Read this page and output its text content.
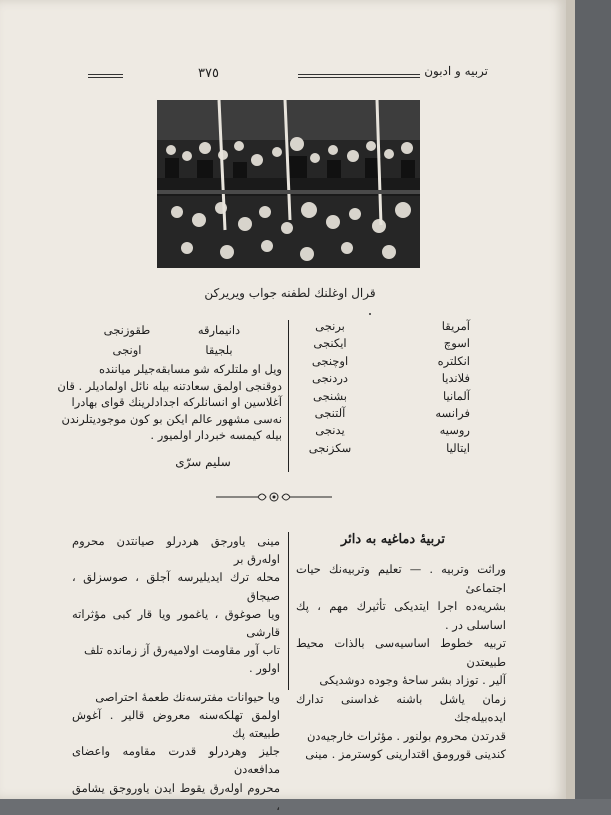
٣٧٥	تربیه و ادبون
قرال اوغلنك لطفنه جواب ویریرکن
آمریقا
برنجی
اسوچ
ایکنجی
انکلتره
اوچنجی
فلاندیا
دردنجی
آلمانیا
بشنجی
فرانسه
آلتنجی
روسیه
یدنجی
ایتالیا
سکزنجی
دانیمارقه
طقوزنجی
بلجیقا
اونجی
ویل او ملتلرکه شو مسابقه‌جیلر میاننده
دوقنجی اولمق سعادتنه بیله نائل اولمادیلر . قان
آغلاسین او انسانلرکه اجدادلرینك قوای بهادرا
نه‌سی مشهور عالم ایکن بو کون موجودیتلرندن
بیله کیمسه خبردار اولمیور .
سلیم سرّی
تربیۀ دماغیه به دائر
وراثت وتربیه . — تعلیم وتربیه‌نك حیات اجتماعیٔ
بشریه‌ده اجرا ایتدیکی تأثیرك مهم ، پك اساسلی در .
تربیه خطوط اساسیه‌سی بالذات محیط طبیعتدن
آلیر . توزاد بشر ساحهٔ وجوده دوشدیکی
زمان یاشل باشنه غداسنی تدارك ایده‌بیله‌جك
قدرتدن محروم بولنور . مؤثرات خارجیه‌دن
کندینی قورومق اقتدارینی کوسترمز . مینی
مینی یاورجق هردرلو صیانتدن محروم اولەرق بر
محله ترك ایدیلیرسه آجلق ، صوسزلق ، صیجاق
ویا صوغوق ، یاغمور ویا قار کبی مؤثراته قارشی
تاب آور مقاومت اولامیه‌رق آز زمانده تلف
اولور .
ویا حیوانات مفترسه‌نك طعمهٔ احتراصی
اولمق تهلکه‌سنه معروض قالیر . آغوش طبیعته پك
جلیز وهردرلو قدرت مقاومه واعضای مدافعه‌دن
محروم اوله‌رق یقوط ایدن یاوروجق یشامق ،
